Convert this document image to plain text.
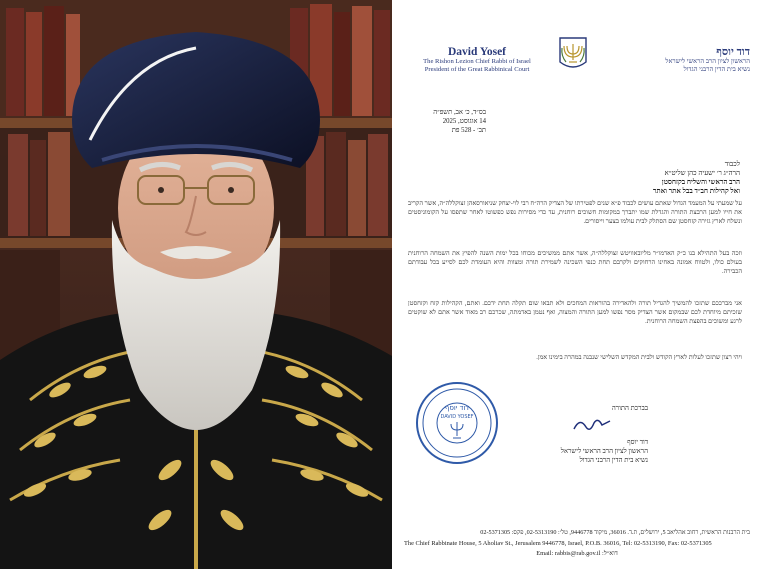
David Yosef
The Rishon Lezion Chief Rabbi of Israel
President of the Great Rabbinical Court
דוד יוסף
הראשון לציון הרב הראשי לישראל
נשיא בית הדין הרבני הגדול
בס״ד, כ׳ אב, תשפ״ה
14 אוגוסט, 2025
תב׳ - 528 פת
לכבוד
הרה״ג ר׳ ישעיה כהן שליט״א
הרב הראשי והשליח בקזחסטן
ואל קהילות חב״ד בבל אתר ואתר
על שמעתי על המעמד הגדול שאתם עושים לכבוד פ״א שנים לפטירתו של הצדיק הרה״ח רבי לוי-יצחק שניאורסאהן זצוקללה״ה, אשר הקריב את חייו למען הרבצת התורה והגדלת שמו יתברך במקומות חשוכים רוחנית, עד כדי מסירות נפש כפשוטו לאחר שתפסו על הקומוניסטים ונשלח לארץ גזירה קזחסטן שם הסתלק לבית עולמו בצער וייסורים.
וזכה בעל התהילא בנו כ״ק האדמו״ר מליובאוויטש זצוקללה״ה, אשר אתם ממשיכים מכוחו בכל ימות השנה להפיץ את השמחה הרוחנית בעולם כולו, ולטווח אמונה באחינו הרחוקים ולקרבם תחת כנפי השכינה לשמירת תורה ומצוות והיא העומדת לכם לסייע בכל עבודתם הכבירה.
אני מברככם שתזכו להמשיך להגדיל תורה ולהאדירה בהוראות המחכים ולא תבאו שום תקלה תחת ידכם. ואתם, הקהילות קזח וקזחסטן שזכיתם מיוחדת לכם שבמקום אשר הצדיק מסר נפשו למען התורה והמצוה, ואף נטמן באדמתה, שכרכם רב מאוד אשר אתם לא שוקטים לרגע ומשוכים בהפצת השמחה הרוחנית.
ויהי רצון שתזכו לעלות לארץ הקודש ולבית המקדש השלישי שנבנה במהרה בימינו אמן.
דוד יוסף
DAVID YOSEF
בברכת התורה
דוד יוסף
הראשון לציון הרב הראשי לישראל
נשיא בית הדין הרבני הגדול
בית הרבנות הראשית, רחוב אהליאב 5, ירושלים, ת.ד. 36016, מיקוד 9446778, טל׳: 02-5313190, פקס: 02-5371305
The Chief Rabbinate House, 5 Aholiav St., Jerusalem 9446778, Israel, P.O.B. 36016, Tel: 02-5313190, Fax: 02-5371305
Email: rabbis@rab.gov.il :דוא״ל
